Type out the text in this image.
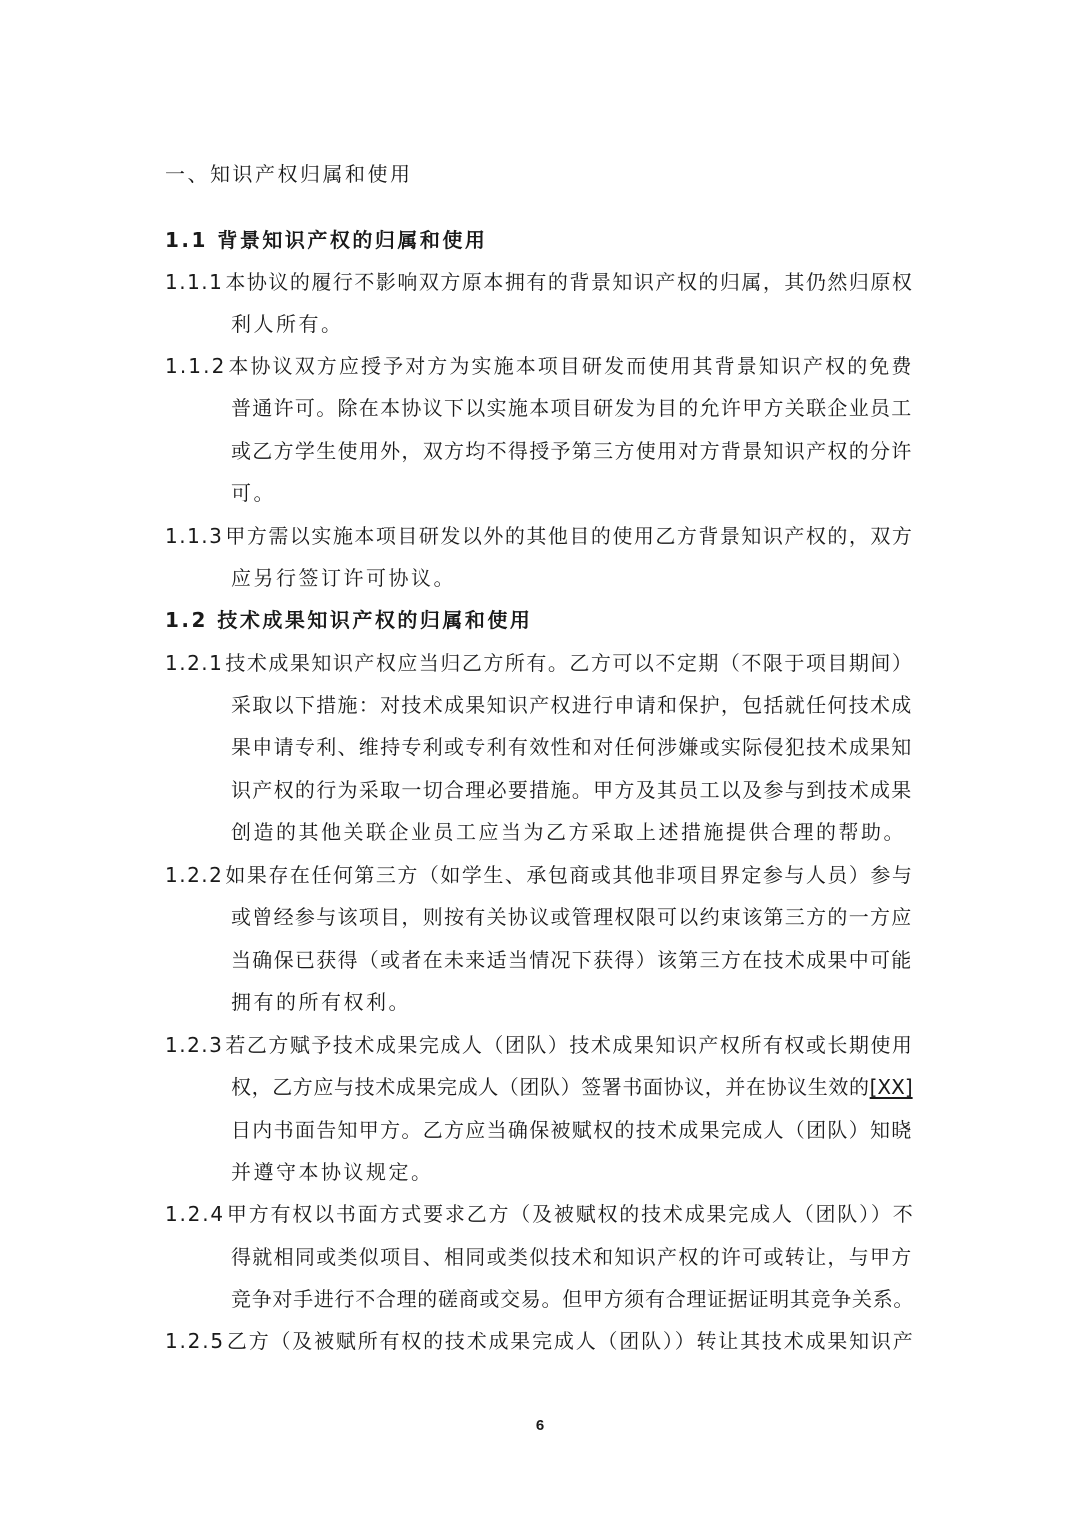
一、知识产权归属和使用
1.1 背景知识产权的归属和使用
1.1.1 本协议的履行不影响双方原本拥有的背景知识产权的归属，其仍然归原权
利人所有。
1.1.2 本协议双方应授予对方为实施本项目研发而使用其背景知识产权的免费
普通许可。除在本协议下以实施本项目研发为目的允许甲方关联企业员工
或乙方学生使用外，双方均不得授予第三方使用对方背景知识产权的分许
可。
1.1.3 甲方需以实施本项目研发以外的其他目的使用乙方背景知识产权的，双方
应另行签订许可协议。
1.2 技术成果知识产权的归属和使用
1.2.1 技术成果知识产权应当归乙方所有。乙方可以不定期（不限于项目期间）
采取以下措施：对技术成果知识产权进行申请和保护，包括就任何技术成
果申请专利、维持专利或专利有效性和对任何涉嫌或实际侵犯技术成果知
识产权的行为采取一切合理必要措施。甲方及其员工以及参与到技术成果
创造的其他关联企业员工应当为乙方采取上述措施提供合理的帮助。
1.2.2 如果存在任何第三方（如学生、承包商或其他非项目界定参与人员）参与
或曾经参与该项目，则按有关协议或管理权限可以约束该第三方的一方应
当确保已获得（或者在未来适当情况下获得）该第三方在技术成果中可能
拥有的所有权利。
1.2.3 若乙方赋予技术成果完成人（团队）技术成果知识产权所有权或长期使用
权，乙方应与技术成果完成人（团队）签署书面协议，并在协议生效的[XX]
日内书面告知甲方。乙方应当确保被赋权的技术成果完成人（团队）知晓
并遵守本协议规定。
1.2.4 甲方有权以书面方式要求乙方（及被赋权的技术成果完成人（团队））不
得就相同或类似项目、相同或类似技术和知识产权的许可或转让，与甲方
竞争对手进行不合理的磋商或交易。但甲方须有合理证据证明其竞争关系。
1.2.5 乙方（及被赋所有权的技术成果完成人（团队））转让其技术成果知识产
6
